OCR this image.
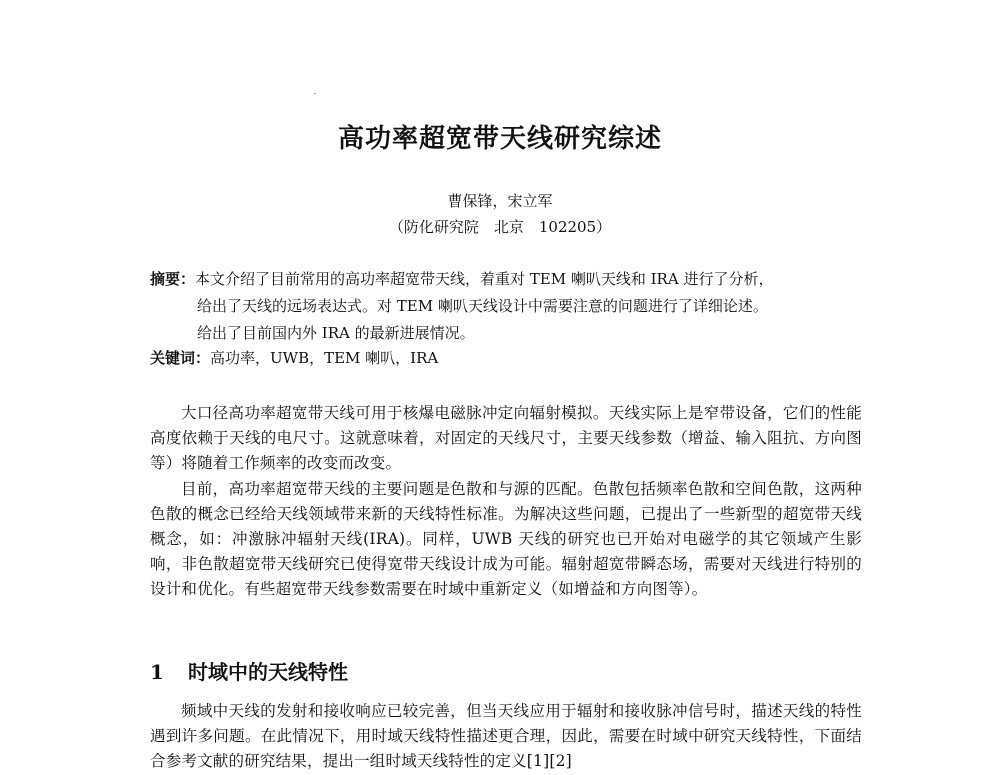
高功率超宽带天线研究综述
曹保锋，宋立军
（防化研究院　北京　102205）
摘要：本文介绍了目前常用的高功率超宽带天线，着重对 TEM 喇叭天线和 IRA 进行了分析，
给出了天线的远场表达式。对 TEM 喇叭天线设计中需要注意的问题进行了详细论述。
给出了目前国内外 IRA 的最新进展情况。
关键词：高功率，UWB，TEM 喇叭，IRA

大口径高功率超宽带天线可用于核爆电磁脉冲定向辐射模拟。天线实际上是窄带设备，它们的性能高度依赖于天线的电尺寸。这就意味着，对固定的天线尺寸，主要天线参数（增益、输入阻抗、方向图等）将随着工作频率的改变而改变。

目前，高功率超宽带天线的主要问题是色散和与源的匹配。色散包括频率色散和空间色散，这两种色散的概念已经给天线领域带来新的天线特性标准。为解决这些问题，已提出了一些新型的超宽带天线概念，如：冲激脉冲辐射天线(IRA)。同样，UWB 天线的研究也已开始对电磁学的其它领域产生影响，非色散超宽带天线研究已使得宽带天线设计成为可能。辐射超宽带瞬态场，需要对天线进行特别的设计和优化。有些超宽带天线参数需要在时域中重新定义（如增益和方向图等）。

1 时域中的天线特性

频域中天线的发射和接收响应已较完善，但当天线应用于辐射和接收脉冲信号时，描述天线的特性遇到许多问题。在此情况下，用时域天线特性描述更合理，因此，需要在时域中研究天线特性，下面结合参考文献的研究结果，提出一组时域天线特性的定义[1][2]
